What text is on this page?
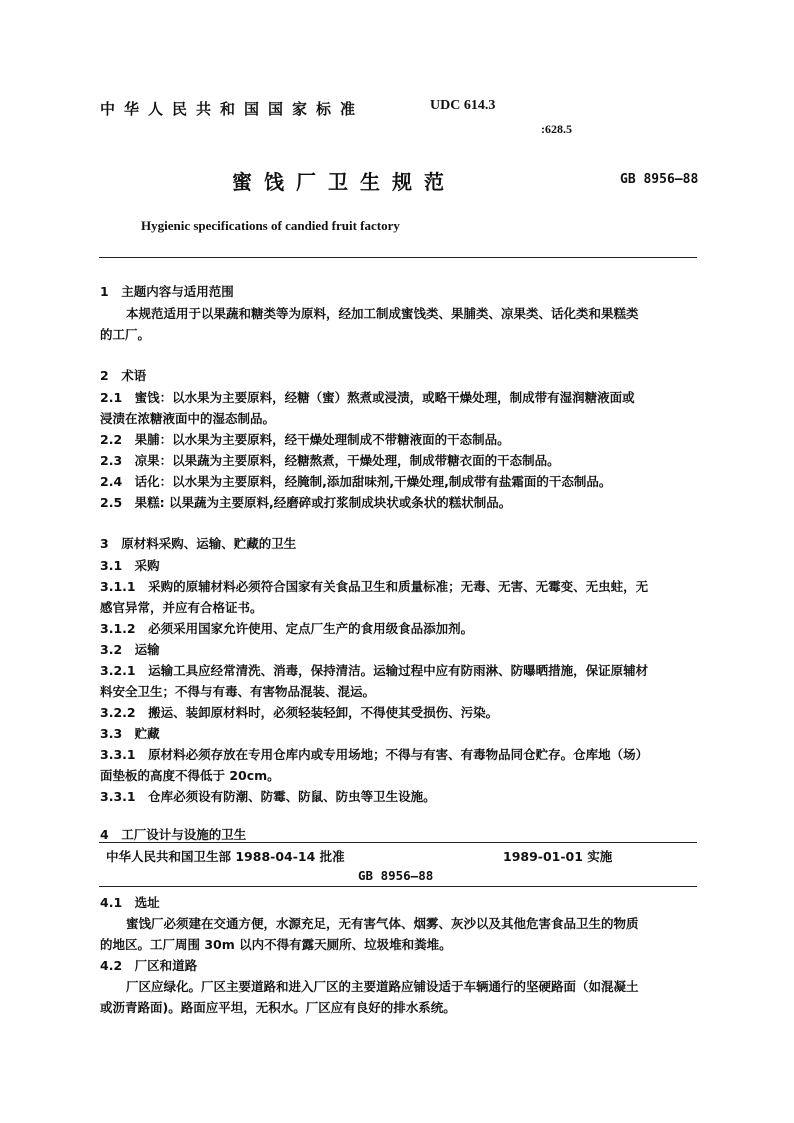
中华人民共和国国家标准	UDC 614.3
:628.5
蜜饯厂卫生规范	GB 8956—88
Hygienic specifications of candied fruit factory
1　主题内容与适用范围
本规范适用于以果蔬和糖类等为原料，经加工制成蜜饯类、果脯类、凉果类、话化类和果糕类
的工厂。
2　术语
2.1　蜜饯：以水果为主要原料，经糖（蜜）熬煮或浸渍，或略干燥处理，制成带有湿润糖液面或
浸渍在浓糖液面中的湿态制品。
2.2　果脯：以水果为主要原料，经干燥处理制成不带糖液面的干态制品。
2.3　凉果：以果蔬为主要原料，经糖熬煮，干燥处理，制成带糖衣面的干态制品。
2.4　话化：以水果为主要原料，经腌制,添加甜味剂,干燥处理,制成带有盐霜面的干态制品。
2.5　果糕: 以果蔬为主要原料,经磨碎或打浆制成块状或条状的糕状制品。
3　原材料采购、运输、贮藏的卫生
3.1　采购
3.1.1　采购的原辅材料必须符合国家有关食品卫生和质量标准；无毒、无害、无霉变、无虫蛀，无
感官异常，并应有合格证书。
3.1.2　必须采用国家允许使用、定点厂生产的食用级食品添加剂。
3.2　运输
3.2.1　运输工具应经常清洗、消毒，保持清洁。运输过程中应有防雨淋、防曝晒措施，保证原辅材
料安全卫生；不得与有毒、有害物品混装、混运。
3.2.2　搬运、装卸原材料时，必须轻装轻卸，不得使其受损伤、污染。
3.3　贮藏
3.3.1　原材料必须存放在专用仓库内或专用场地；不得与有害、有毒物品同仓贮存。仓库地（场）
面垫板的高度不得低于 20cm。
3.3.1　仓库必须设有防潮、防霉、防鼠、防虫等卫生设施。
4　工厂设计与设施的卫生
中华人民共和国卫生部 1988-04-14 批准	1989-01-01 实施
GB 8956—88
4.1　选址
蜜饯厂必须建在交通方便，水源充足，无有害气体、烟雾、灰沙以及其他危害食品卫生的物质
的地区。工厂周围 30m 以内不得有露天厕所、垃圾堆和粪堆。
4.2　厂区和道路
厂区应绿化。厂区主要道路和进入厂区的主要道路应铺设适于车辆通行的坚硬路面（如混凝土
或沥青路面)。路面应平坦，无积水。厂区应有良好的排水系统。
